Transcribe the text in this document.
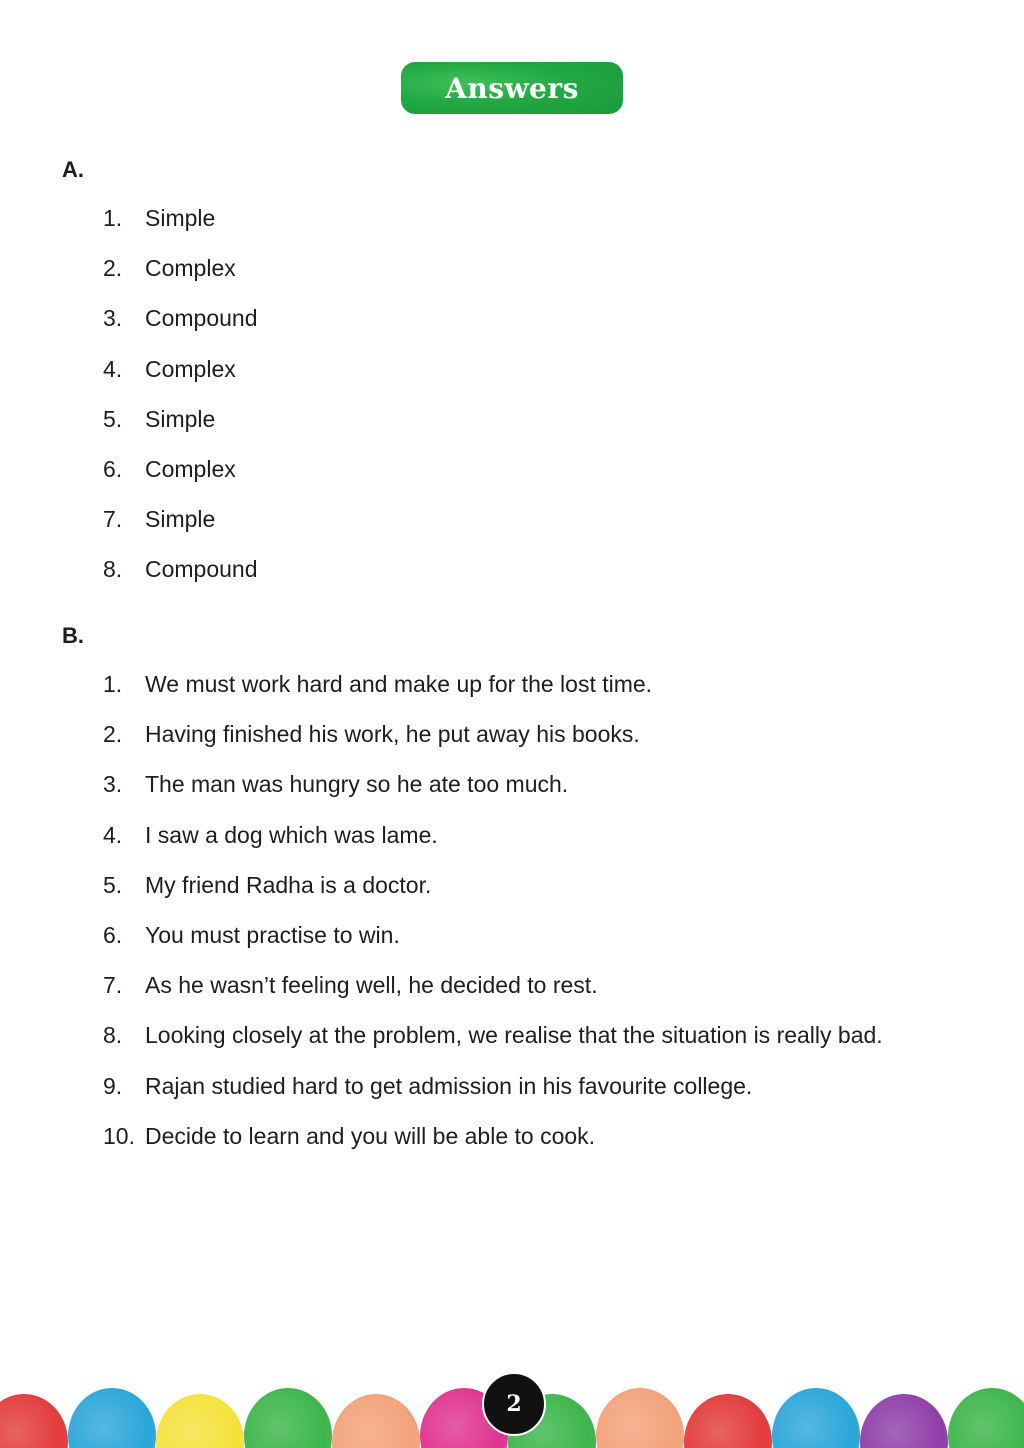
Answers
A.
1. Simple
2. Complex
3. Compound
4. Complex
5. Simple
6. Complex
7. Simple
8. Compound
B.
1. We must work hard and make up for the lost time.
2. Having finished his work, he put away his books.
3. The man was hungry so he ate too much.
4. I saw a dog which was lame.
5. My friend Radha is a doctor.
6. You must practise to win.
7. As he wasn’t feeling well, he decided to rest.
8. Looking closely at the problem, we realise that the situation is really bad.
9. Rajan studied hard to get admission in his favourite college.
10. Decide to learn and you will be able to cook.
2
